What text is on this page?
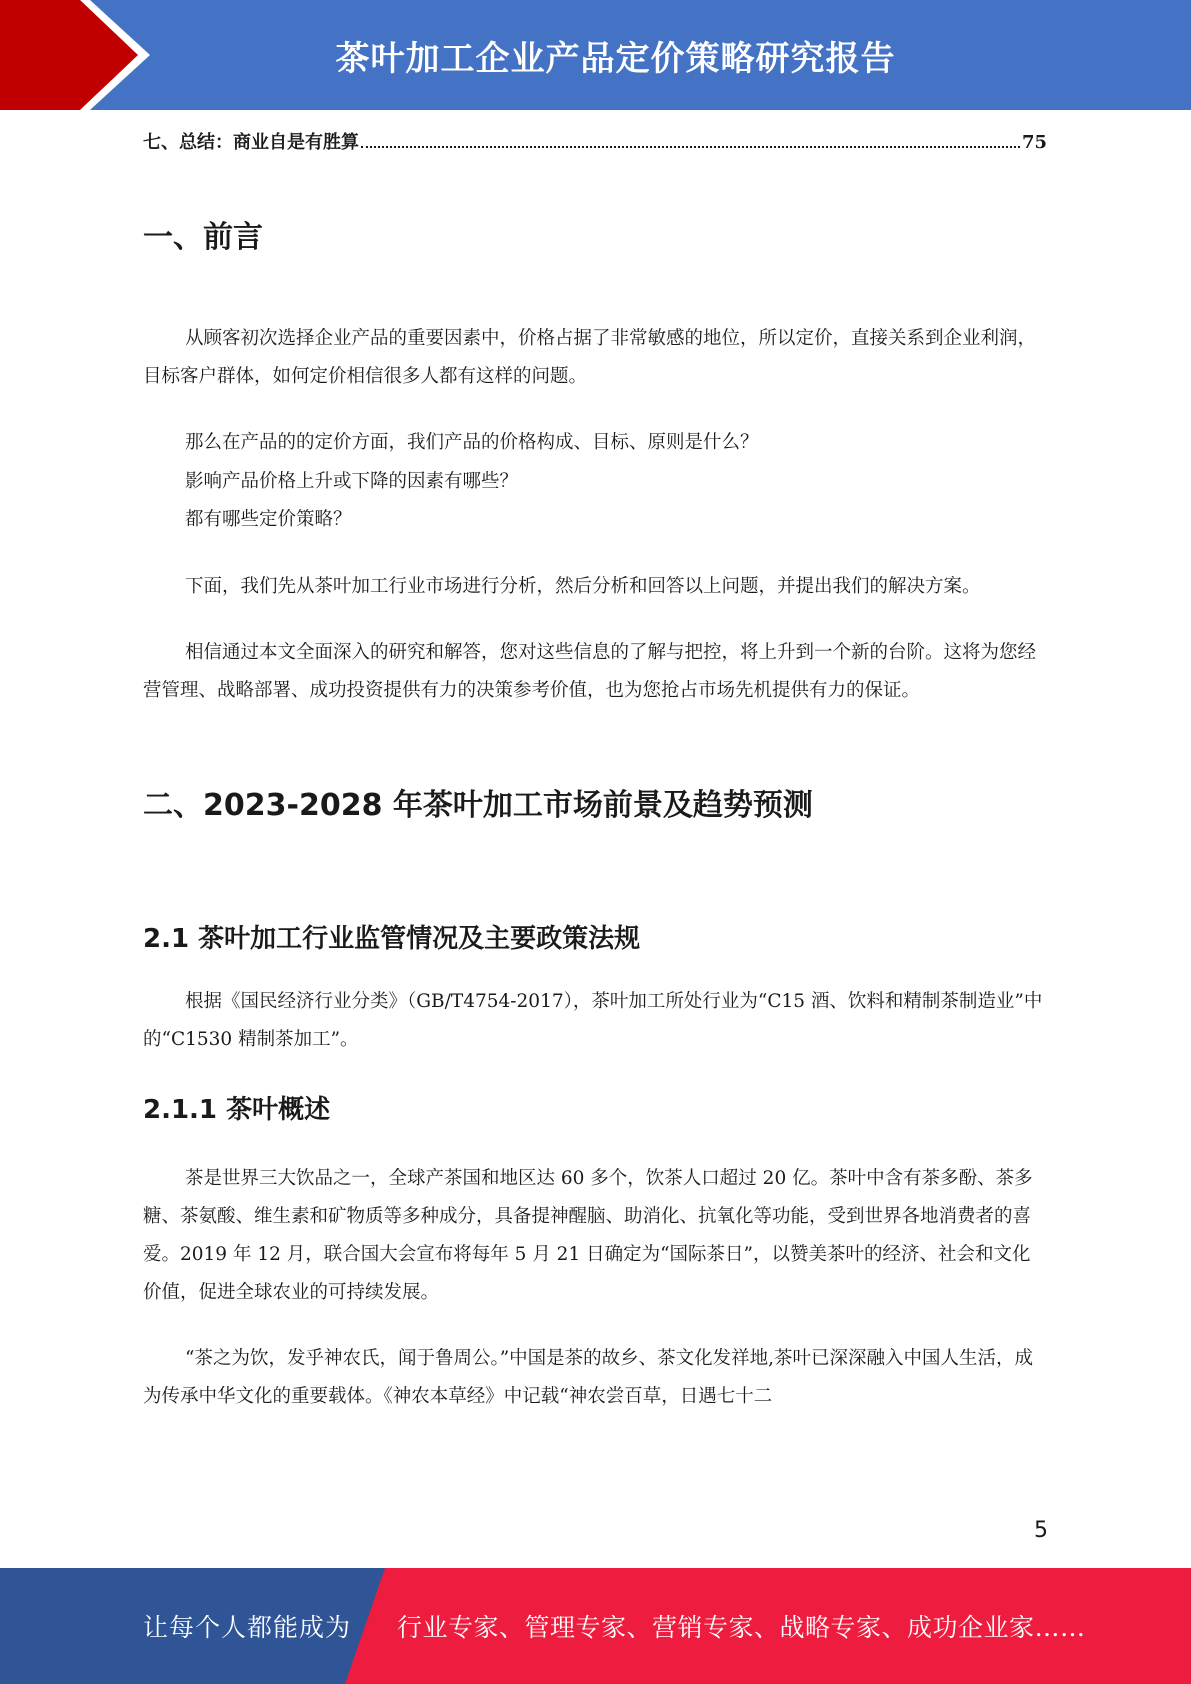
茶叶加工企业产品定价策略研究报告
七、总结：商业自是有胜算	75
一、前言

从顾客初次选择企业产品的重要因素中，价格占据了非常敏感的地位，所以定价，直接关系到企业利润，目标客户群体，如何定价相信很多人都有这样的问题。

那么在产品的的定价方面，我们产品的价格构成、目标、原则是什么？

影响产品价格上升或下降的因素有哪些？

都有哪些定价策略？

下面，我们先从茶叶加工行业市场进行分析，然后分析和回答以上问题，并提出我们的解决方案。

相信通过本文全面深入的研究和解答，您对这些信息的了解与把控，将上升到一个新的台阶。这将为您经营管理、战略部署、成功投资提供有力的决策参考价值，也为您抢占市场先机提供有力的保证。

二、2023-2028 年茶叶加工市场前景及趋势预测
2.1 茶叶加工行业监管情况及主要政策法规

根据《国民经济行业分类》（GB/T4754-2017），茶叶加工所处行业为“C15 酒、饮料和精制茶制造业”中的“C1530 精制茶加工”。

2.1.1 茶叶概述

茶是世界三大饮品之一，全球产茶国和地区达 60 多个，饮茶人口超过 20 亿。茶叶中含有茶多酚、茶多糖、茶氨酸、维生素和矿物质等多种成分，具备提神醒脑、助消化、抗氧化等功能，受到世界各地消费者的喜爱。2019 年 12 月，联合国大会宣布将每年 5 月 21 日确定为“国际茶日”，以赞美茶叶的经济、社会和文化价值，促进全球农业的可持续发展。

“茶之为饮，发乎神农氏，闻于鲁周公。”中国是茶的故乡、茶文化发祥地,茶叶已深深融入中国人生活，成为传承中华文化的重要载体。《神农本草经》中记载“神农尝百草，日遇七十二

5
让每个人都能成为 行业专家、管理专家、营销专家、战略专家、成功企业家……
